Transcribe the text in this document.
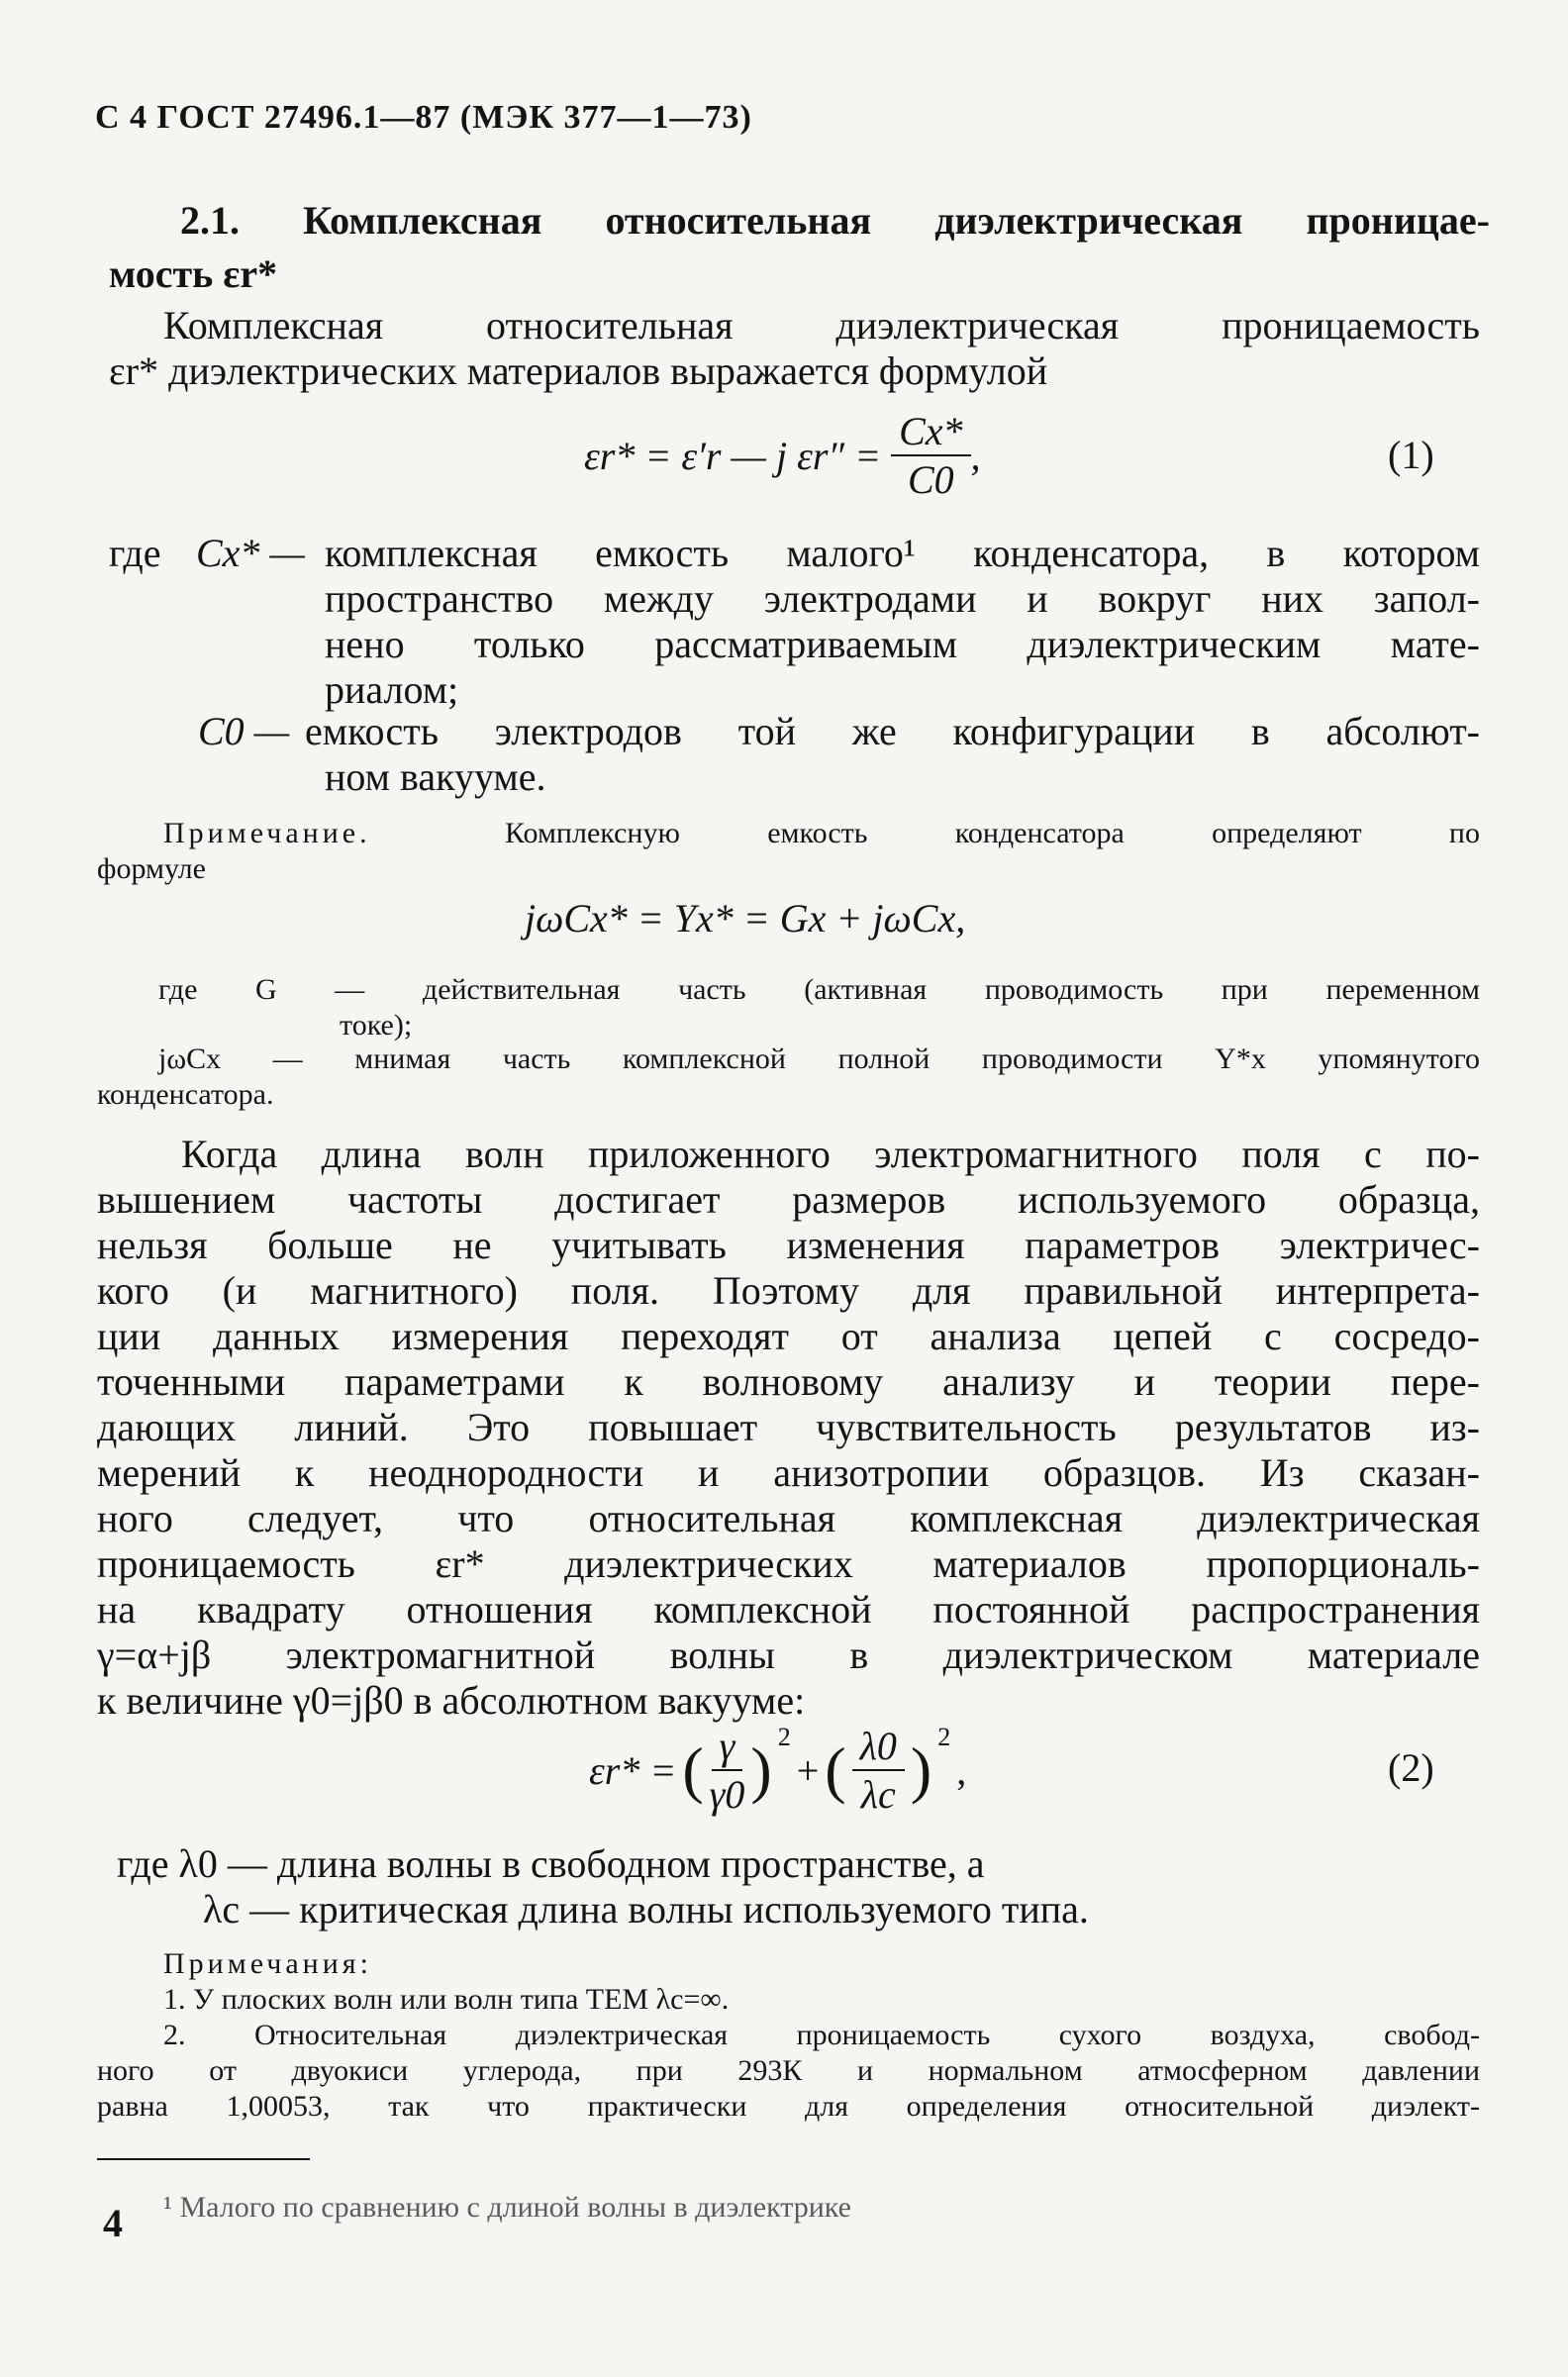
С 4 ГОСТ 27496.1—87 (МЭК 377—1—73)
2.1. Комплексная относительная диэлектрическая проницае-
мость εr*
Комплексная относительная диэлектрическая проницаемость
εr* диэлектрических материалов выражается формулой
εr* = ε′r — j $\varepsilon r'' = \frac{Cx*}{C0}$ ,	(1)
где Cx* — комплексная емкость малого¹ конденсатора, в котором
пространство между электродами и вокруг них запол-
нено только рассматриваемым диэлектрическим мате-
риалом;
C0 — емкость электродов той же конфигурации в абсолют-
ном вакууме.
Примечание.	Комплексную емкость конденсатора определяют по
формуле
jωCx* = Yx* = Gx + jωCx,
где G — действительная часть (активная проводимость при переменном
токе);
jωCx — мнимая часть комплексной полной проводимости Y*x упомянутого
конденсатора.
Когда длина волн приложенного электромагнитного поля с по-
вышением частоты достигает размеров используемого образца,
нельзя больше не учитывать изменения параметров электричес-
кого (и магнитного) поля. Поэтому для правильной интерпрета-
ции данных измерения переходят от анализа цепей с сосредо-
точенными параметрами к волновому анализу и теории пере-
дающих линий. Это повышает чувствительность результатов из-
мерений к неоднородности и анизотропии образцов. Из сказан-
ного следует, что относительная комплексная диэлектрическая
проницаемость εr* диэлектрических материалов пропорциональ-
на квадрату отношения комплексной постоянной распространения
γ=α+jβ электромагнитной волны в диэлектрическом материале
к величине γ0=jβ0 в абсолютном вакууме:
εr* = ( $\frac{\gamma}{\gamma 0} )^2$
+ ( $\frac{\lambda 0}{\lambda c} )^2$
,	(2)
где λ0 — длина волны в свободном пространстве, а
λc — критическая длина волны используемого типа.
Примечания:
1. У плоских волн или волн типа ТЕМ λc=∞.
2. Относительная диэлектрическая проницаемость сухого воздуха, свобод-
ного от двуокиси углерода, при 293К и нормальном атмосферном давлении
равна 1,00053, так что практически для определения относительной диэлект-
¹ Малого по сравнению с длиной волны в диэлектрике
4
